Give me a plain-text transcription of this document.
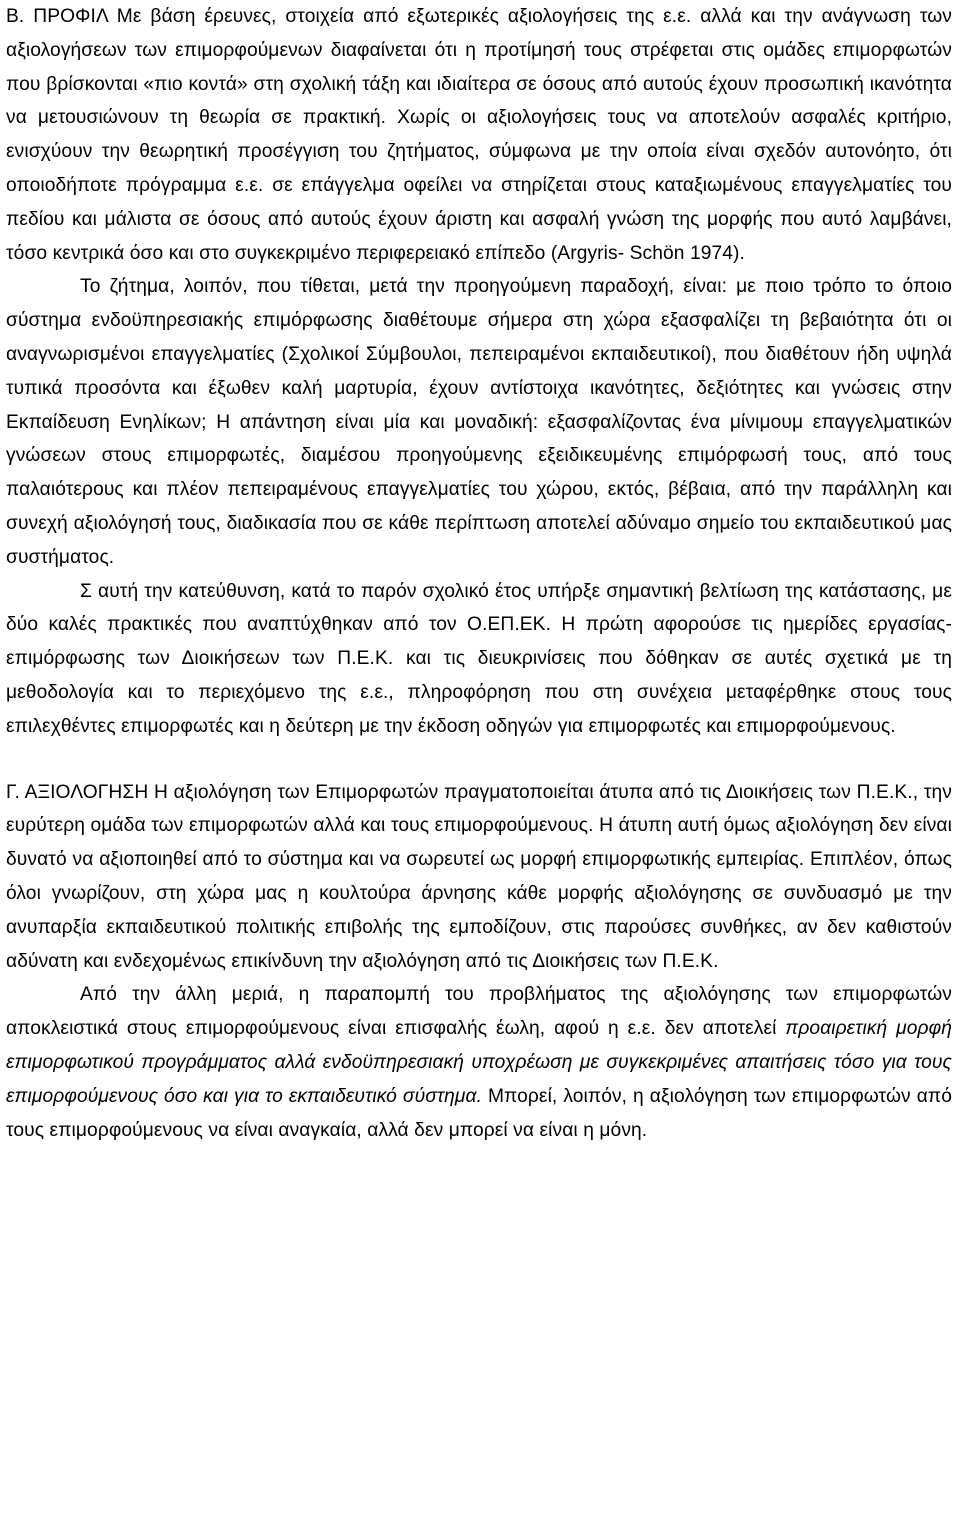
Β. ΠΡΟΦΙΛ Με βάση έρευνες, στοιχεία από εξωτερικές αξιολογήσεις της ε.ε. αλλά και την ανάγνωση των αξιολογήσεων των επιμορφούμενων διαφαίνεται ότι η προτίμησή τους στρέφεται στις ομάδες επιμορφωτών που βρίσκονται «πιο κοντά» στη σχολική τάξη και ιδιαίτερα σε όσους από αυτούς έχουν προσωπική ικανότητα να μετουσιώνουν τη θεωρία σε πρακτική. Χωρίς οι αξιολογήσεις τους να αποτελούν ασφαλές κριτήριο, ενισχύουν την θεωρητική προσέγγιση του ζητήματος, σύμφωνα με την οποία είναι σχεδόν αυτονόητο, ότι οποιοδήποτε πρόγραμμα ε.ε. σε επάγγελμα οφείλει να στηρίζεται στους καταξιωμένους επαγγελματίες του πεδίου και μάλιστα σε όσους από αυτούς έχουν άριστη και ασφαλή γνώση της μορφής που αυτό λαμβάνει, τόσο κεντρικά όσο και στο συγκεκριμένο περιφερειακό επίπεδο (Argyris- Schön 1974).

Το ζήτημα, λοιπόν, που τίθεται, μετά την προηγούμενη παραδοχή, είναι: με ποιο τρόπο το όποιο σύστημα ενδοϋπηρεσιακής επιμόρφωσης διαθέτουμε σήμερα στη χώρα εξασφαλίζει τη βεβαιότητα ότι οι αναγνωρισμένοι επαγγελματίες (Σχολικοί Σύμβουλοι, πεπειραμένοι εκπαιδευτικοί), που διαθέτουν ήδη υψηλά τυπικά προσόντα και έξωθεν καλή μαρτυρία, έχουν αντίστοιχα ικανότητες, δεξιότητες και γνώσεις στην Εκπαίδευση Ενηλίκων; Η απάντηση είναι μία και μοναδική: εξασφαλίζοντας ένα μίνιμουμ επαγγελματικών γνώσεων στους επιμορφωτές, διαμέσου προηγούμενης εξειδικευμένης επιμόρφωσή τους, από τους παλαιότερους και πλέον πεπειραμένους επαγγελματίες του χώρου, εκτός, βέβαια, από την παράλληλη και συνεχή αξιολόγησή τους, διαδικασία που σε κάθε περίπτωση αποτελεί αδύναμο σημείο του εκπαιδευτικού μας συστήματος.

Σ αυτή την κατεύθυνση, κατά το παρόν σχολικό έτος υπήρξε σημαντική βελτίωση της κατάστασης, με δύο καλές πρακτικές που αναπτύχθηκαν από τον Ο.ΕΠ.ΕΚ. Η πρώτη αφορούσε τις ημερίδες εργασίας-επιμόρφωσης των Διοικήσεων των Π.Ε.Κ. και τις διευκρινίσεις που δόθηκαν σε αυτές σχετικά με τη μεθοδολογία και το περιεχόμενο της ε.ε., πληροφόρηση που στη συνέχεια μεταφέρθηκε στους τους επιλεχθέντες επιμορφωτές και η δεύτερη με την έκδοση οδηγών για επιμορφωτές και επιμορφούμενους.

Γ. ΑΞΙΟΛΟΓΗΣΗ Η αξιολόγηση των Επιμορφωτών πραγματοποιείται άτυπα από τις Διοικήσεις των Π.Ε.Κ., την ευρύτερη ομάδα των επιμορφωτών αλλά και τους επιμορφούμενους. Η άτυπη αυτή όμως αξιολόγηση δεν είναι δυνατό να αξιοποιηθεί από το σύστημα και να σωρευτεί ως μορφή επιμορφωτικής εμπειρίας. Επιπλέον, όπως όλοι γνωρίζουν, στη χώρα μας η κουλτούρα άρνησης κάθε μορφής αξιολόγησης σε συνδυασμό με την ανυπαρξία εκπαιδευτικού πολιτικής επιβολής της εμποδίζουν, στις παρούσες συνθήκες, αν δεν καθιστούν αδύνατη και ενδεχομένως επικίνδυνη την αξιολόγηση από τις Διοικήσεις των Π.Ε.Κ.

Από την άλλη μεριά, η παραπομπή του προβλήματος της αξιολόγησης των επιμορφωτών αποκλειστικά στους επιμορφούμενους είναι επισφαλής έωλη, αφού η ε.ε. δεν αποτελεί προαιρετική μορφή επιμορφωτικού προγράμματος αλλά ενδοϋπηρεσιακή υποχρέωση με συγκεκριμένες απαιτήσεις τόσο για τους επιμορφούμενους όσο και για το εκπαιδευτικό σύστημα. Μπορεί, λοιπόν, η αξιολόγηση των επιμορφωτών από τους επιμορφούμενους να είναι αναγκαία, αλλά δεν μπορεί να είναι η μόνη.
